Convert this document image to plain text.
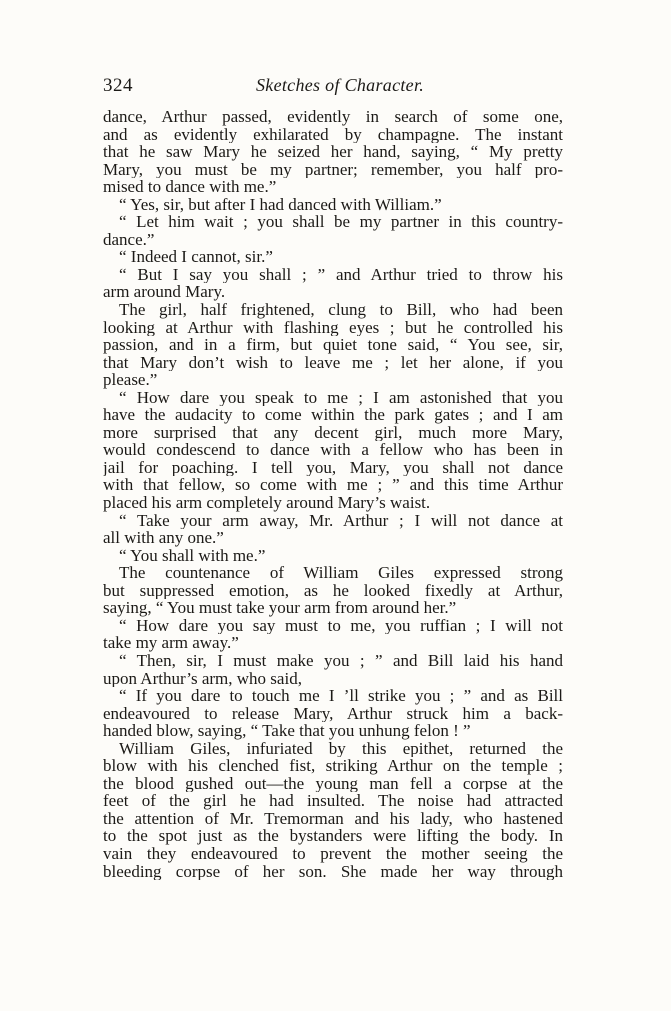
324	Sketches of Character.
dance, Arthur passed, evidently in search of some one,
and as evidently exhilarated by champagne. The instant
that he saw Mary he seized her hand, saying, “ My pretty
Mary, you must be my partner; remember, you half pro-
mised to dance with me.”
“ Yes, sir, but after I had danced with William.”
“ Let him wait ; you shall be my partner in this country-
dance.”
“ Indeed I cannot, sir.”
“ But I say you shall ; ” and Arthur tried to throw his
arm around Mary.
The girl, half frightened, clung to Bill, who had been
looking at Arthur with flashing eyes ; but he controlled his
passion, and in a firm, but quiet tone said, “ You see, sir,
that Mary don’t wish to leave me ; let her alone, if you
please.”
“ How dare you speak to me ; I am astonished that you
have the audacity to come within the park gates ; and I am
more surprised that any decent girl, much more Mary,
would condescend to dance with a fellow who has been in
jail for poaching. I tell you, Mary, you shall not dance
with that fellow, so come with me ; ” and this time Arthur
placed his arm completely around Mary’s waist.
“ Take your arm away, Mr. Arthur ; I will not dance at
all with any one.”
“ You shall with me.”
The countenance of William Giles expressed strong
but suppressed emotion, as he looked fixedly at Arthur,
saying, “ You must take your arm from around her.”
“ How dare you say must to me, you ruffian ; I will not
take my arm away.”
“ Then, sir, I must make you ; ” and Bill laid his hand
upon Arthur’s arm, who said,
“ If you dare to touch me I ’ll strike you ; ” and as Bill
endeavoured to release Mary, Arthur struck him a back-
handed blow, saying, “ Take that you unhung felon ! ”
William Giles, infuriated by this epithet, returned the
blow with his clenched fist, striking Arthur on the temple ;
the blood gushed out—the young man fell a corpse at the
feet of the girl he had insulted. The noise had attracted
the attention of Mr. Tremorman and his lady, who hastened
to the spot just as the bystanders were lifting the body. In
vain they endeavoured to prevent the mother seeing the
bleeding corpse of her son. She made her way through
